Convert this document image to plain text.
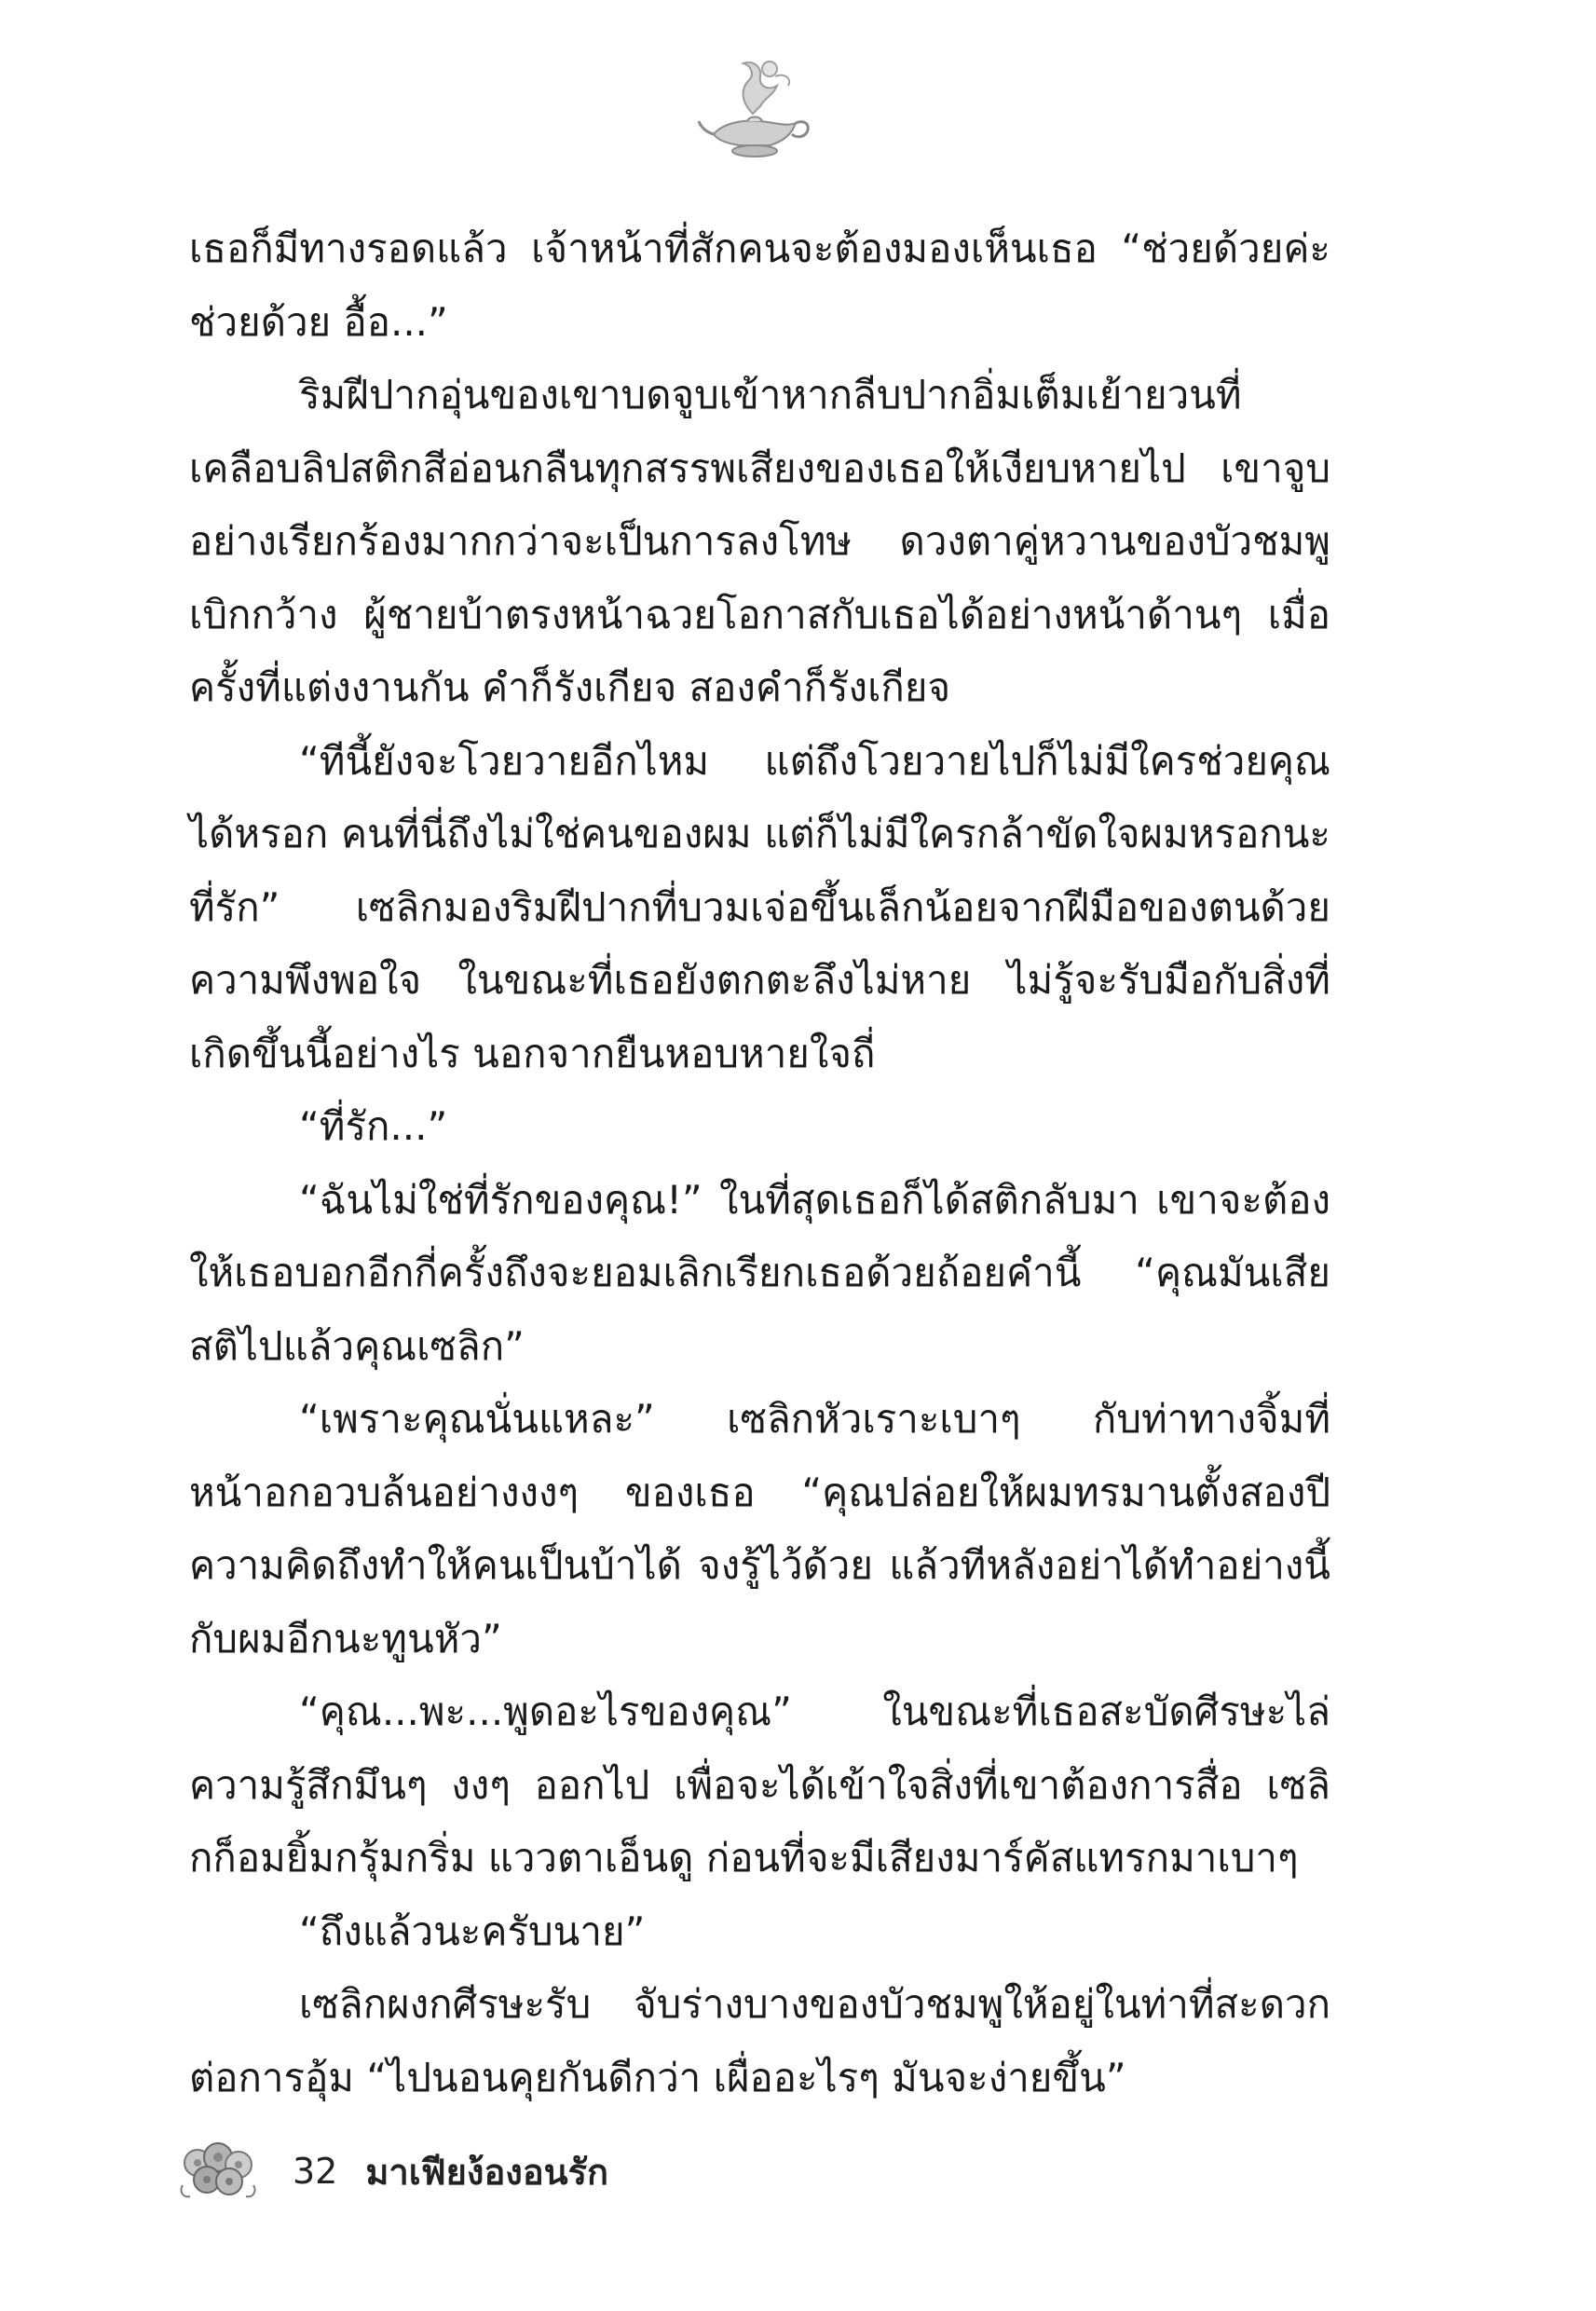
เธอก็มีทางรอดแล้ว เจ้าหน้าที่สักคนจะต้องมองเห็นเธอ “ช่วยด้วยค่ะ ช่วยด้วย อื้อ...”

ริมฝีปากอุ่นของเขาบดจูบเข้าหากลีบปากอิ่มเต็มเย้ายวนที่เคลือบลิปสติกสีอ่อนกลืนทุกสรรพเสียงของเธอให้เงียบหายไป เขาจูบอย่างเรียกร้องมากกว่าจะเป็นการลงโทษ ดวงตาคู่หวานของบัวชมพูเบิกกว้าง ผู้ชายบ้าตรงหน้าฉวยโอกาสกับเธอได้อย่างหน้าด้านๆ เมื่อครั้งที่แต่งงานกัน คำก็รังเกียจ สองคำก็รังเกียจ

“ทีนี้ยังจะโวยวายอีกไหม แต่ถึงโวยวายไปก็ไม่มีใครช่วยคุณได้หรอก คนที่นี่ถึงไม่ใช่คนของผม แต่ก็ไม่มีใครกล้าขัดใจผมหรอกนะที่รัก” เซลิกมองริมฝีปากที่บวมเจ่อขึ้นเล็กน้อยจากฝีมือของตนด้วยความพึงพอใจ ในขณะที่เธอยังตกตะลึงไม่หาย ไม่รู้จะรับมือกับสิ่งที่เกิดขึ้นนี้อย่างไร นอกจากยืนหอบหายใจถี่

“ที่รัก...”

“ฉันไม่ใช่ที่รักของคุณ!” ในที่สุดเธอก็ได้สติกลับมา เขาจะต้องให้เธอบอกอีกกี่ครั้งถึงจะยอมเลิกเรียกเธอด้วยถ้อยคำนี้ “คุณมันเสียสติไปแล้วคุณเซลิก”

“เพราะคุณนั่นแหละ” เซลิกหัวเราะเบาๆ กับท่าทางจิ้มที่หน้าอกอวบล้นอย่างงงๆ ของเธอ “คุณปล่อยให้ผมทรมานตั้งสองปี ความคิดถึงทำให้คนเป็นบ้าได้ จงรู้ไว้ด้วย แล้วทีหลังอย่าได้ทำอย่างนี้กับผมอีกนะทูนหัว”

“คุณ...พะ...พูดอะไรของคุณ” ในขณะที่เธอสะบัดศีรษะไล่ความรู้สึกมึนๆ งงๆ ออกไป เพื่อจะได้เข้าใจสิ่งที่เขาต้องการสื่อ เซลิกก็อมยิ้มกรุ้มกริ่ม แววตาเอ็นดู ก่อนที่จะมีเสียงมาร์คัสแทรกมาเบาๆ

“ถึงแล้วนะครับนาย”

เซลิกผงกศีรษะรับ จับร่างบางของบัวชมพูให้อยู่ในท่าที่สะดวกต่อการอุ้ม “ไปนอนคุยกันดีกว่า เผื่ออะไรๆ มันจะง่ายขึ้น”

32 มาเฟียง้องอนรัก
